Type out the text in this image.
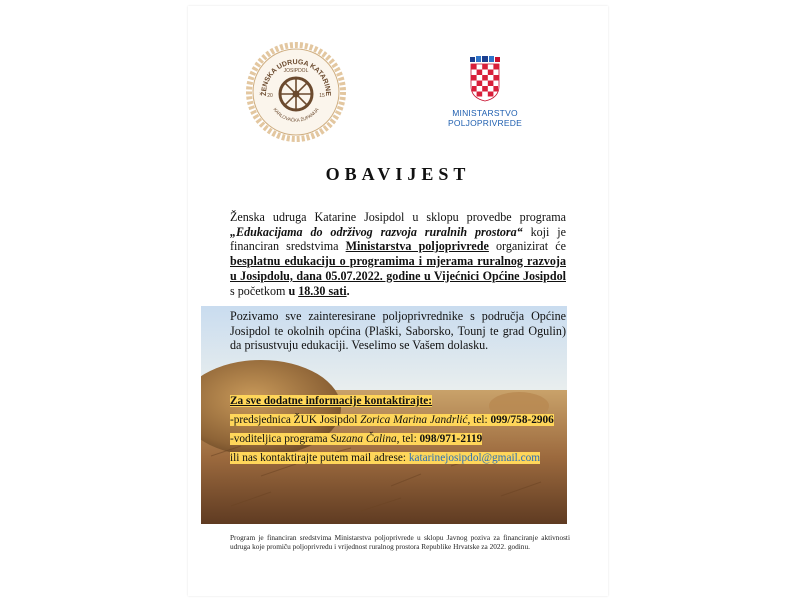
ŽENSKA UDRUGA KATARINE
JOSIPDOL
20	15
KARLOVAČKA ŽUPANIJA	MINISTARSTVO
POLJOPRIVREDE
OBAVIJEST
Ženska udruga Katarine Josipdol u sklopu provedbe programa „Edukacijama do održivog razvoja ruralnih prostora“ koji je financiran sredstvima Ministarstva poljoprivrede organizirat će besplatnu edukaciju o programima i mjerama ruralnog razvoja u Josipdolu, dana 05.07.2022. godine u Vijećnici Općine Josipdol s početkom u 18.30 sati.
Pozivamo sve zainteresirane poljoprivrednike s područja Općine Josipdol te okolnih općina (Plaški, Saborsko, Tounj te grad Ogulin) da prisustvuju edukaciji. Veselimo se Vašem dolasku.
Za sve dodatne informacije kontaktirajte:
-predsjednica ŽUK Josipdol Zorica Marina Jandrlić, tel: 099/758-2906
-voditeljica programa Suzana Čalina, tel: 098/971-2119
ili nas kontaktirajte putem mail adrese: katarinejosipdol@gmail.com
Program je financiran sredstvima Ministarstva poljoprivrede u sklopu Javnog poziva za financiranje aktivnosti udruga koje promiču poljoprivredu i vrijednost ruralnog prostora Republike Hrvatske za 2022. godinu.
